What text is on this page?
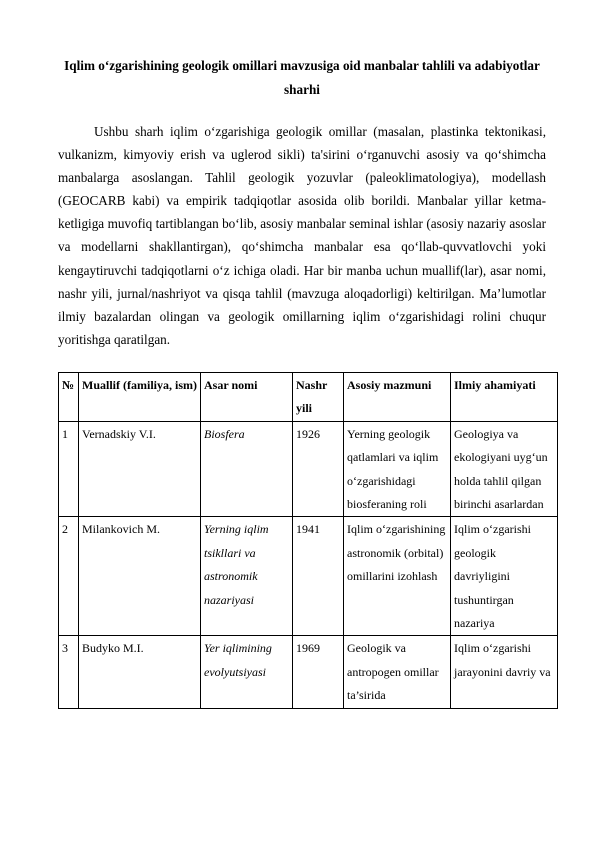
Iqlim o‘zgarishining geologik omillari mavzusiga oid manbalar tahlili va adabiyotlar sharhi

Ushbu sharh iqlim o‘zgarishiga geologik omillar (masalan, plastinka tektonikasi, vulkanizm, kimyoviy erish va uglerod sikli) ta'sirini o‘rganuvchi asosiy va qo‘shimcha manbalarga asoslangan. Tahlil geologik yozuvlar (paleoklimatologiya), modellash (GEOCARB kabi) va empirik tadqiqotlar asosida olib borildi. Manbalar yillar ketma-ketligiga muvofiq tartiblangan bo‘lib, asosiy manbalar seminal ishlar (asosiy nazariy asoslar va modellarni shakllantirgan), qo‘shimcha manbalar esa qo‘llab-quvvatlovchi yoki kengaytiruvchi tadqiqotlarni o‘z ichiga oladi. Har bir manba uchun muallif(lar), asar nomi, nashr yili, jurnal/nashriyot va qisqa tahlil (mavzuga aloqadorligi) keltirilgan. Ma’lumotlar ilmiy bazalardan olingan va geologik omillarning iqlim o‘zgarishidagi rolini chuqur yoritishga qaratilgan.

№	Muallif (familiya, ism)	Asar nomi	Nashr yili	Asosiy mazmuni	Ilmiy ahamiyati
1	Vernadskiy V.I.	Biosfera	1926	Yerning geologik qatlamlari va iqlim o‘zgarishidagi biosferaning roli	Geologiya va ekologiyani uyg‘un holda tahlil qilgan birinchi asarlardan
2	Milankovich M.	Yerning iqlim tsikllari va astronomik nazariyasi	1941	Iqlim o‘zgarishining astronomik (orbital) omillarini izohlash	Iqlim o‘zgarishi geologik davriyligini tushuntirgan nazariya
3	Budyko M.I.	Yer iqlimining evolyutsiyasi	1969	Geologik va antropogen omillar ta’sirida	Iqlim o‘zgarishi jarayonini davriy va
